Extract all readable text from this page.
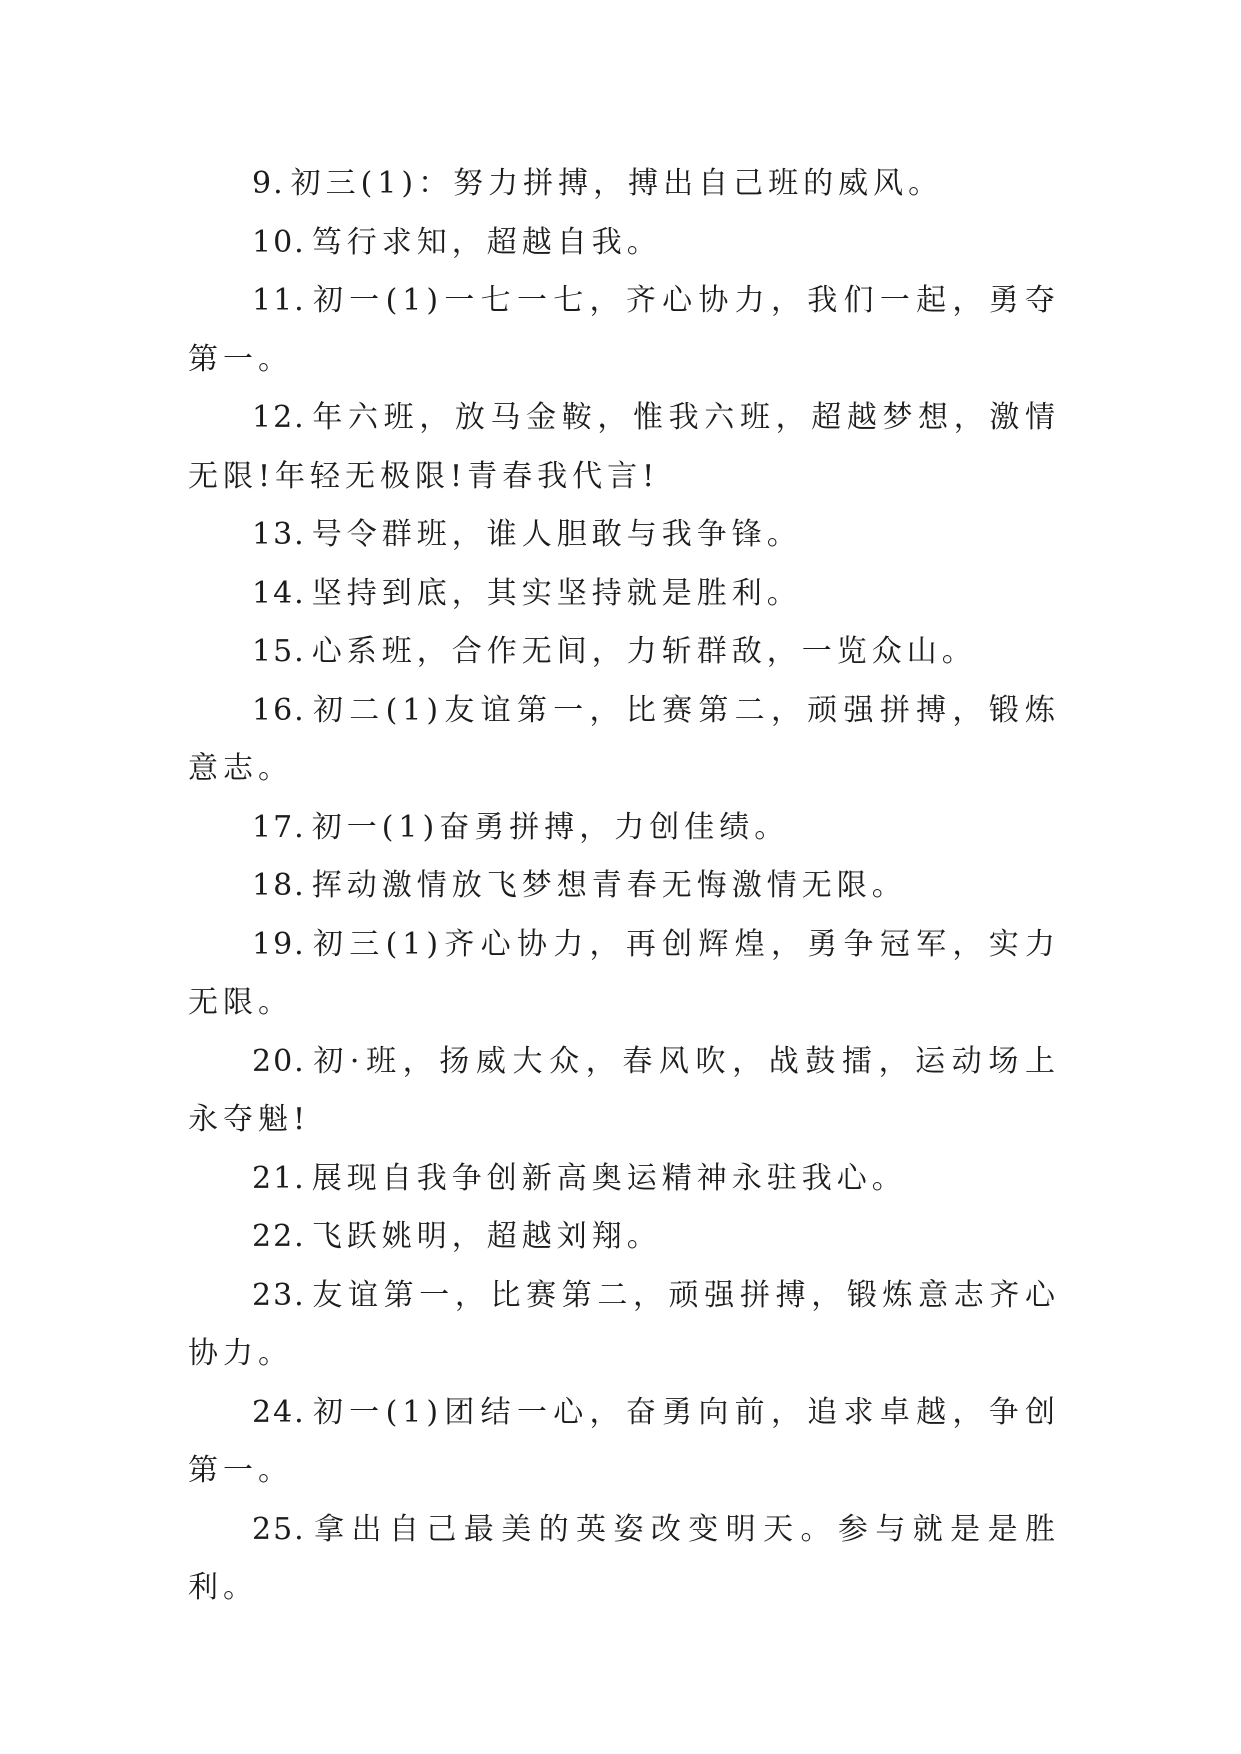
9. 初三(1)：努力拼搏，搏出自己班的威风。

10. 笃行求知，超越自我。

11. 初一(1)一七一七，齐心协力，我们一起，勇夺第一。

12. 年六班，放马金鞍，惟我六班，超越梦想，激情无限!年轻无极限!青春我代言!

13. 号令群班，谁人胆敢与我争锋。

14. 坚持到底，其实坚持就是胜利。

15. 心系班，合作无间，力斩群敌，一览众山。

16. 初二(1)友谊第一，比赛第二，顽强拼搏，锻炼意志。

17. 初一(1)奋勇拼搏，力创佳绩。

18. 挥动激情放飞梦想青春无悔激情无限。

19. 初三(1)齐心协力，再创辉煌，勇争冠军，实力无限。

20. 初·班，扬威大众，春风吹，战鼓擂，运动场上永夺魁!

21. 展现自我争创新高奥运精神永驻我心。

22. 飞跃姚明，超越刘翔。

23. 友谊第一，比赛第二，顽强拼搏，锻炼意志齐心协力。

24. 初一(1)团结一心，奋勇向前，追求卓越，争创第一。

25. 拿出自己最美的英姿改变明天。参与就是是胜利。
